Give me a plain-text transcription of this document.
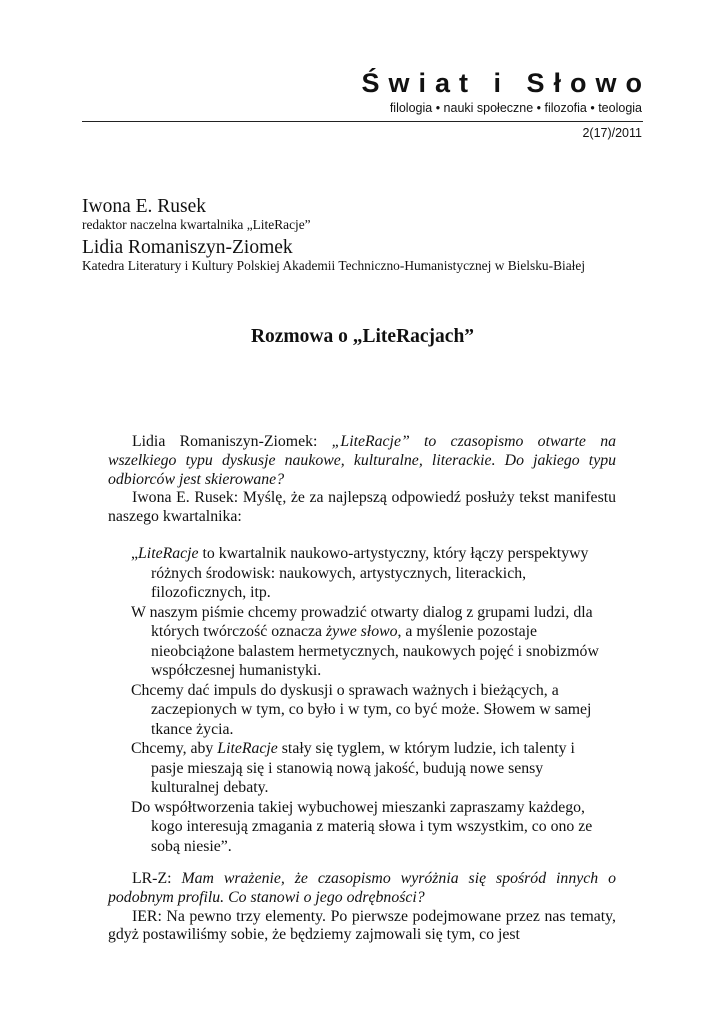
Świat i Słowo
filologia • nauki społeczne • filozofia • teologia
2(17)/2011
Iwona E. Rusek
redaktor naczelna kwartalnika „LiteRacje”
Lidia Romaniszyn-Ziomek
Katedra Literatury i Kultury Polskiej Akademii Techniczno-Humanistycznej w Bielsku-Białej
Rozmowa o „LiteRacjach”

Lidia Romaniszyn-Ziomek: „LiteRacje” to czasopismo otwarte na wszelkiego typu dyskusje naukowe, kulturalne, literackie. Do jakiego typu odbiorców jest skierowane?

Iwona E. Rusek: Myślę, że za najlepszą odpowiedź posłuży tekst manifestu naszego kwartalnika:

„LiteRacje to kwartalnik naukowo-artystyczny, który łączy perspektywy różnych środowisk: naukowych, artystycznych, literackich, filozoficznych, itp.

W naszym piśmie chcemy prowadzić otwarty dialog z grupami ludzi, dla których twórczość oznacza żywe słowo, a myślenie pozostaje nieobciążone balastem hermetycznych, naukowych pojęć i snobizmów współczesnej humanistyki.

Chcemy dać impuls do dyskusji o sprawach ważnych i bieżących, a zaczepionych w tym, co było i w tym, co być może. Słowem w samej tkance życia.

Chcemy, aby LiteRacje stały się tyglem, w którym ludzie, ich talenty i pasje mieszają się i stanowią nową jakość, budują nowe sensy kulturalnej debaty.

Do współtworzenia takiej wybuchowej mieszanki zapraszamy każdego, kogo interesują zmagania z materią słowa i tym wszystkim, co ono ze sobą niesie”.

LR-Z: Mam wrażenie, że czasopismo wyróżnia się spośród innych o podobnym profilu. Co stanowi o jego odrębności?

IER: Na pewno trzy elementy. Po pierwsze podejmowane przez nas tematy, gdyż postawiliśmy sobie, że będziemy zajmowali się tym, co jest
